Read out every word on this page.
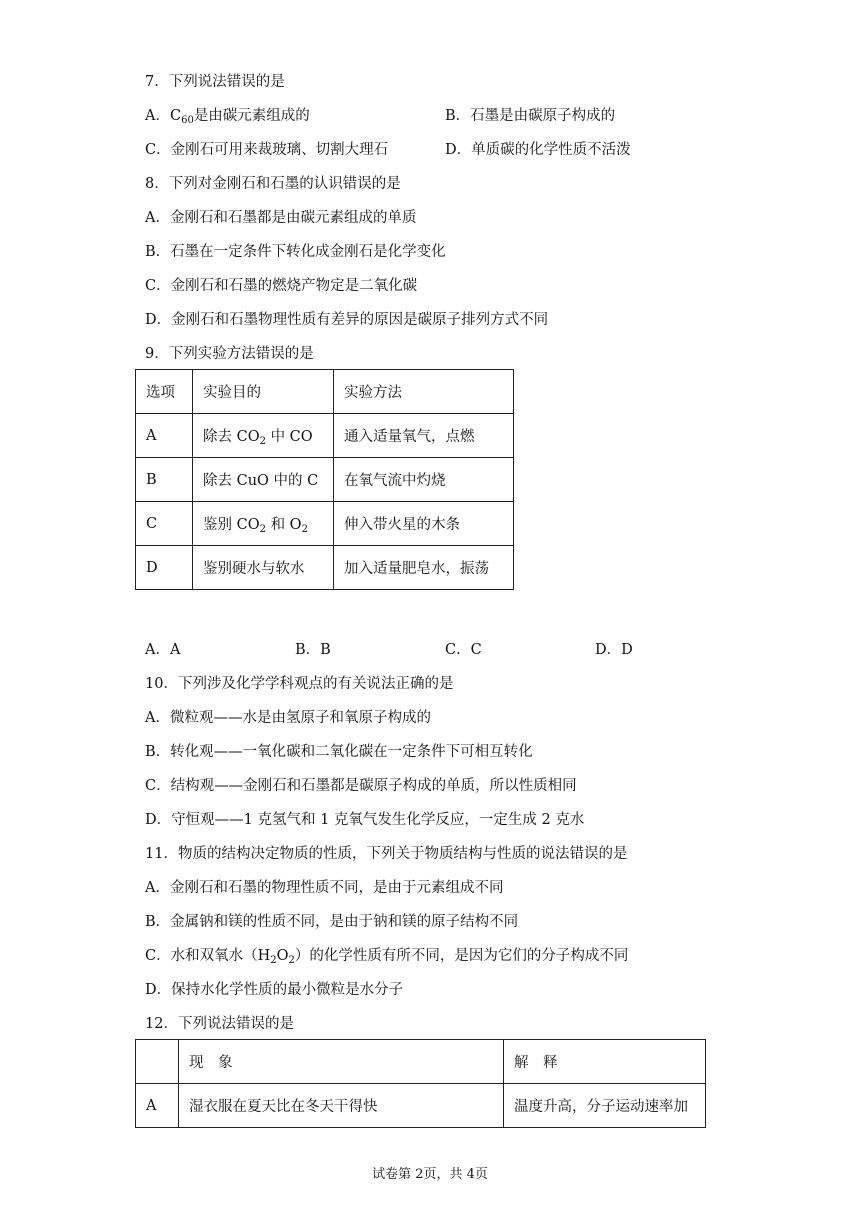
7．下列说法错误的是
A．$C_{60}$是由碳元素组成的	B．石墨是由碳原子构成的
C．金刚石可用来裁玻璃、切割大理石	D．单质碳的化学性质不活泼
8．下列对金刚石和石墨的认识错误的是
A．金刚石和石墨都是由碳元素组成的单质
B．石墨在一定条件下转化成金刚石是化学变化
C．金刚石和石墨的燃烧产物定是二氧化碳
D．金刚石和石墨物理性质有差异的原因是碳原子排列方式不同
9．下列实验方法错误的是
选项	实验目的	实验方法
A	除去 $CO_2$ 中 CO	通入适量氧气，点燃
B	除去 CuO 中的 C	在氧气流中灼烧
C	鉴别 $CO_2$ 和 $O_2$	伸入带火星的木条
D	鉴别硬水与软水	加入适量肥皂水，振荡
A．A	B．B	C．C	D．D
10．下列涉及化学学科观点的有关说法正确的是
A．微粒观——水是由氢原子和氧原子构成的
B．转化观——一氧化碳和二氧化碳在一定条件下可相互转化
C．结构观——金刚石和石墨都是碳原子构成的单质，所以性质相同
D．守恒观——1 克氢气和 1 克氧气发生化学反应，一定生成 2 克水
11．物质的结构决定物质的性质，下列关于物质结构与性质的说法错误的是
A．金刚石和石墨的物理性质不同，是由于元素组成不同
B．金属钠和镁的性质不同，是由于钠和镁的原子结构不同
C．水和双氧水$(H_2O_2)$的化学性质有所不同，是因为它们的分子构成不同
D．保持水化学性质的最小微粒是水分子
12．下列说法错误的是
	现　象	解　释
A	湿衣服在夏天比在冬天干得快	温度升高，分子运动速率加
试卷第 2页，共 4页
